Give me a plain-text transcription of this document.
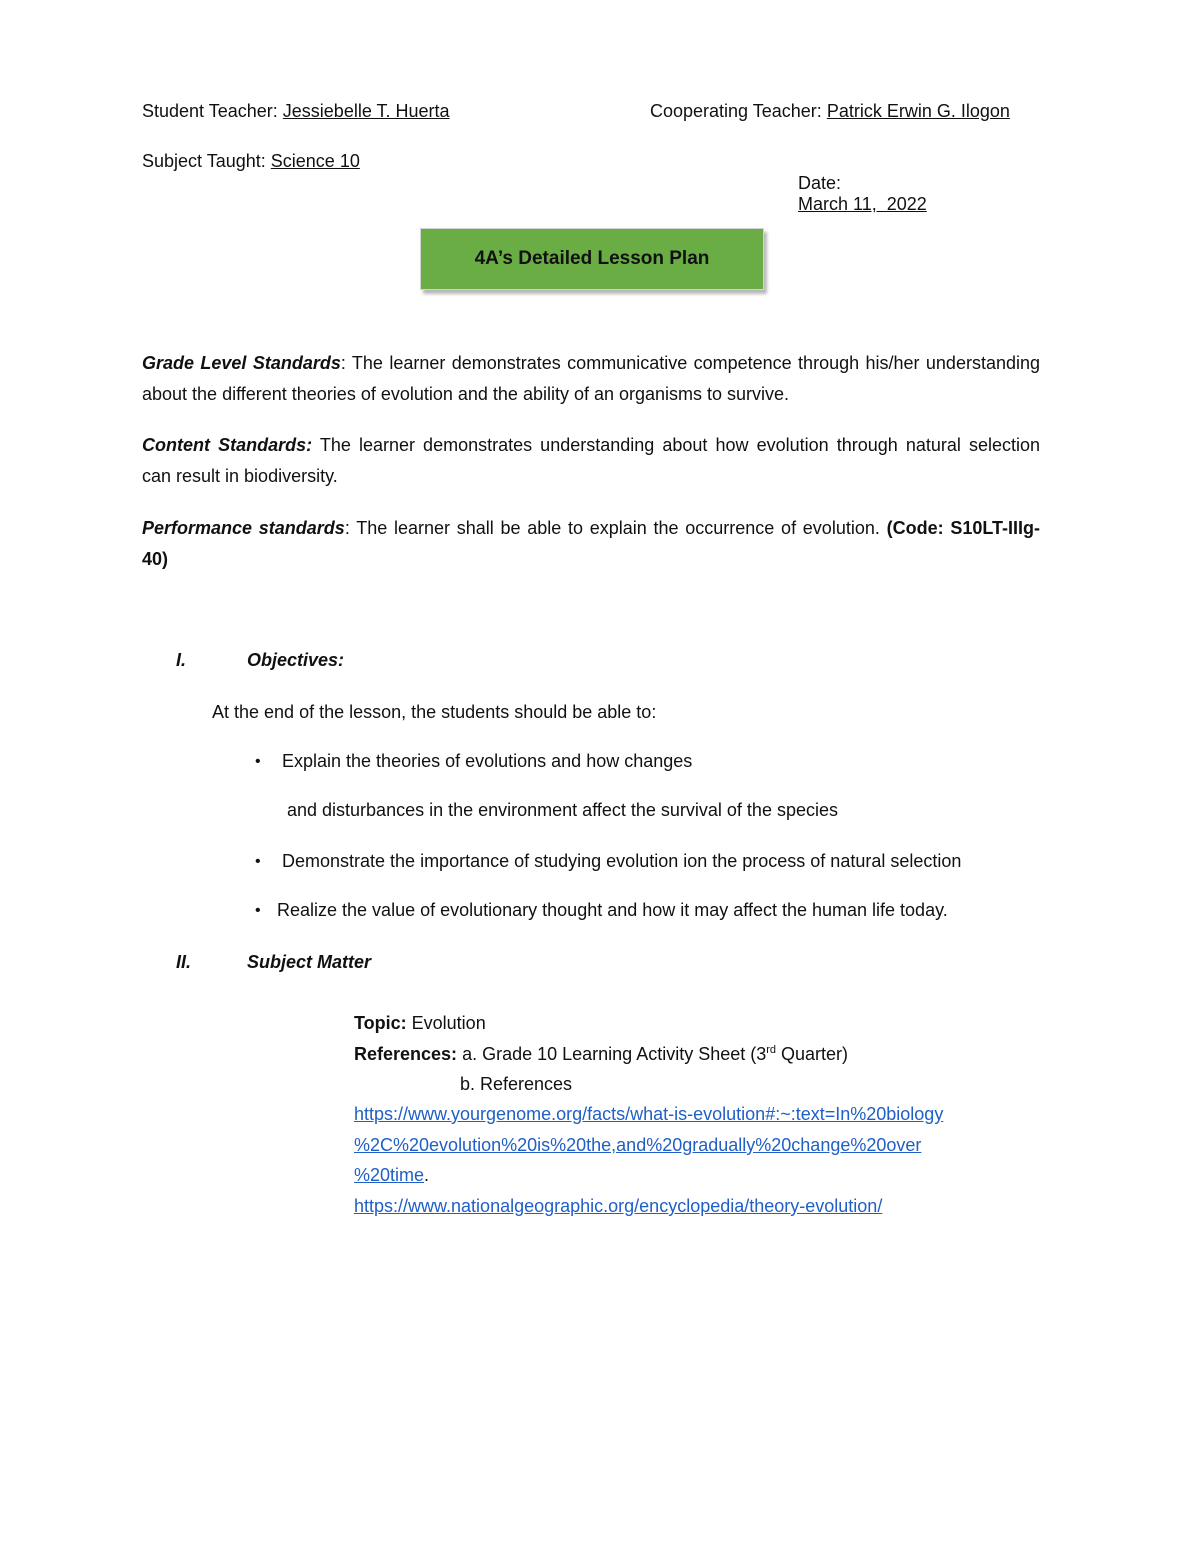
Student Teacher: Jessiebelle T. Huerta	Cooperating Teacher: Patrick Erwin G. Ilogon
Subject Taught: Science 10

Date:
March 11,  2022

4A’s Detailed Lesson Plan
Grade Level Standards: The learner demonstrates communicative competence through his/her understanding about the different theories of evolution and the ability of an organisms to survive.
Content Standards: The learner demonstrates understanding about how evolution through natural selection can result in biodiversity.
Performance standards: The learner shall be able to explain the occurrence of evolution. (Code: S10LT-IIIg-40)
I.	Objectives:
At the end of the lesson, the students should be able to:
• Explain the theories of evolutions and how changes
and disturbances in the environment affect the survival of the species
• Demonstrate the importance of studying evolution ion the process of natural selection
• Realize the value of evolutionary thought and how it may affect the human life today.
II.	Subject Matter
Topic: Evolution
References: a. Grade 10 Learning Activity Sheet (3rd Quarter)
b. References
https://www.yourgenome.org/facts/what-is-evolution#:~:text=In%20biology
%2C%20evolution%20is%20the,and%20gradually%20change%20over
%20time.
https://www.nationalgeographic.org/encyclopedia/theory-evolution/
